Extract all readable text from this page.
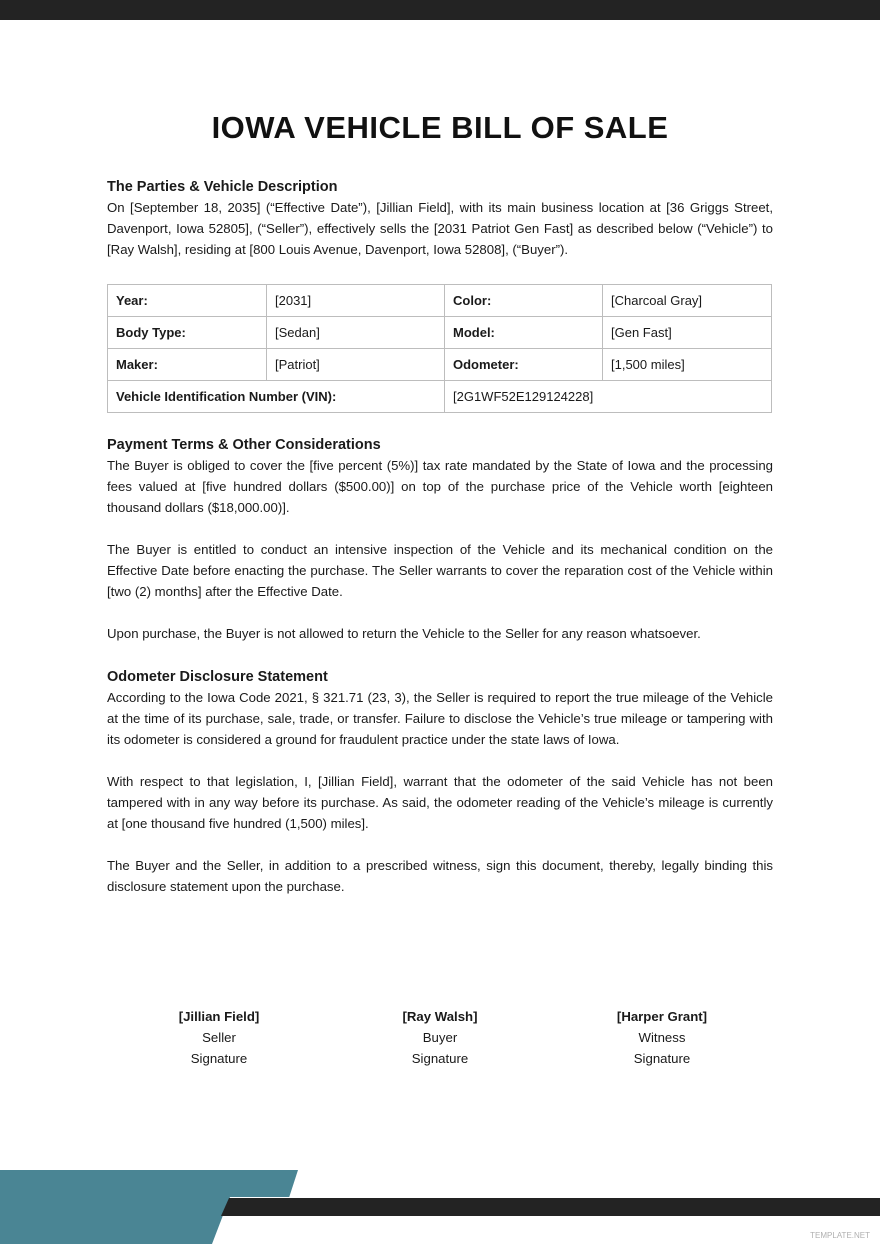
IOWA VEHICLE BILL OF SALE

The Parties & Vehicle Description

On [September 18, 2035] (“Effective Date”), [Jillian Field], with its main business location at [36 Griggs Street, Davenport, Iowa 52805], (“Seller”), effectively sells the [2031 Patriot Gen Fast] as described below (“Vehicle”) to [Ray Walsh], residing at [800 Louis Avenue, Davenport, Iowa 52808], (“Buyer”).

Year:	[2031]	Color:	[Charcoal Gray]
Body Type:	[Sedan]	Model:	[Gen Fast]
Maker:	[Patriot]	Odometer:	[1,500 miles]
Vehicle Identification Number (VIN):		[2G1WF52E129124228]	

Payment Terms & Other Considerations

The Buyer is obliged to cover the [five percent (5%)] tax rate mandated by the State of Iowa and the processing fees valued at [five hundred dollars ($500.00)] on top of the purchase price of the Vehicle worth [eighteen thousand dollars ($18,000.00)].

The Buyer is entitled to conduct an intensive inspection of the Vehicle and its mechanical condition on the Effective Date before enacting the purchase. The Seller warrants to cover the reparation cost of the Vehicle within [two (2) months] after the Effective Date.

Upon purchase, the Buyer is not allowed to return the Vehicle to the Seller for any reason whatsoever.

Odometer Disclosure Statement

According to the Iowa Code 2021, § 321.71 (23, 3), the Seller is required to report the true mileage of the Vehicle at the time of its purchase, sale, trade, or transfer. Failure to disclose the Vehicle’s true mileage or tampering with its odometer is considered a ground for fraudulent practice under the state laws of Iowa.

With respect to that legislation, I, [Jillian Field], warrant that the odometer of the said Vehicle has not been tampered with in any way before its purchase. As said, the odometer reading of the Vehicle’s mileage is currently at [one thousand five hundred (1,500) miles].

The Buyer and the Seller, in addition to a prescribed witness, sign this document, thereby, legally binding this disclosure statement upon the purchase.

[Jillian Field]
Seller
Signature
[Ray Walsh]
Buyer
Signature
[Harper Grant]
Witness
Signature
TEMPLATE.NET
